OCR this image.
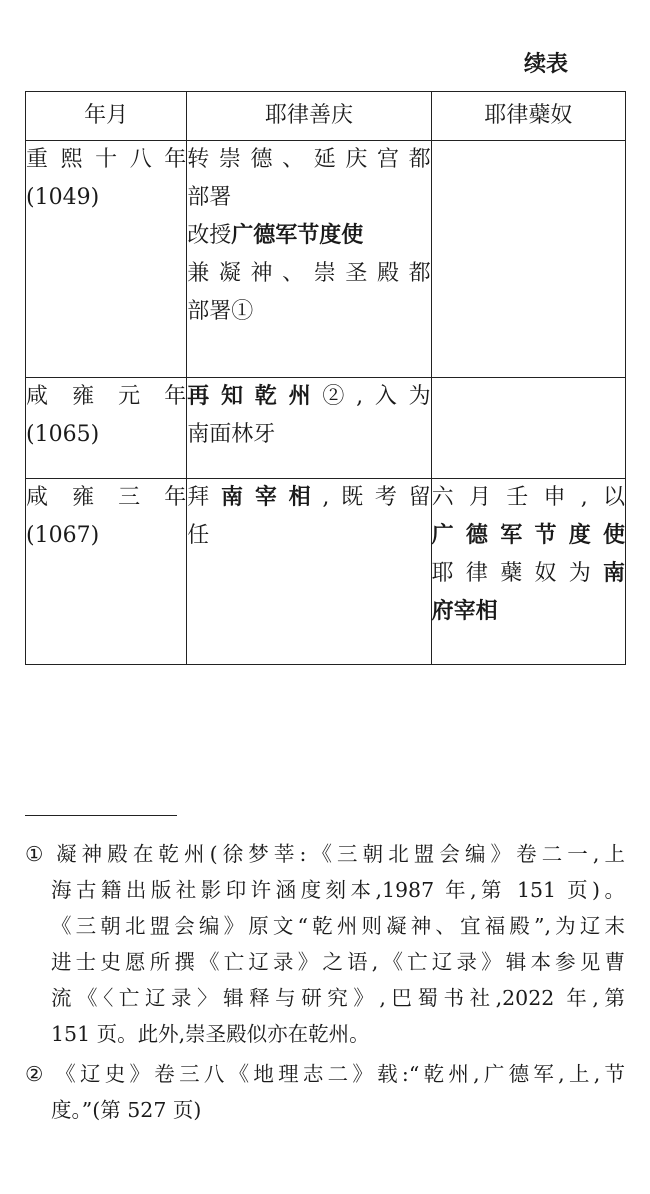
续表
年月	耶律善庆	耶律蘗奴

重熙十八年
(1049)	转崇德、延庆宫都
部署
改授广德军节度使
兼凝神、崇圣殿都
部署①	

咸雍元年
(1065)	再知乾州②,入为
南面林牙	

咸雍三年
(1067)	拜南宰相,既考留
任	六月壬申,以
广德军节度使
耶律蘗奴为南
府宰相
① 凝神殿在乾州(徐梦莘:《三朝北盟会编》卷二一,上
海古籍出版社影印许涵度刻本,1987 年,第 151 页)。
《三朝北盟会编》原文“乾州则凝神、宜福殿”,为辽末
进士史愿所撰《亡辽录》之语,《亡辽录》辑本参见曹
流《〈亡辽录〉辑释与研究》,巴蜀书社,2022 年,第
151 页。此外,崇圣殿似亦在乾州。
② 《辽史》卷三八《地理志二》载:“乾州,广德军,上,节
度。”(第 527 页)
